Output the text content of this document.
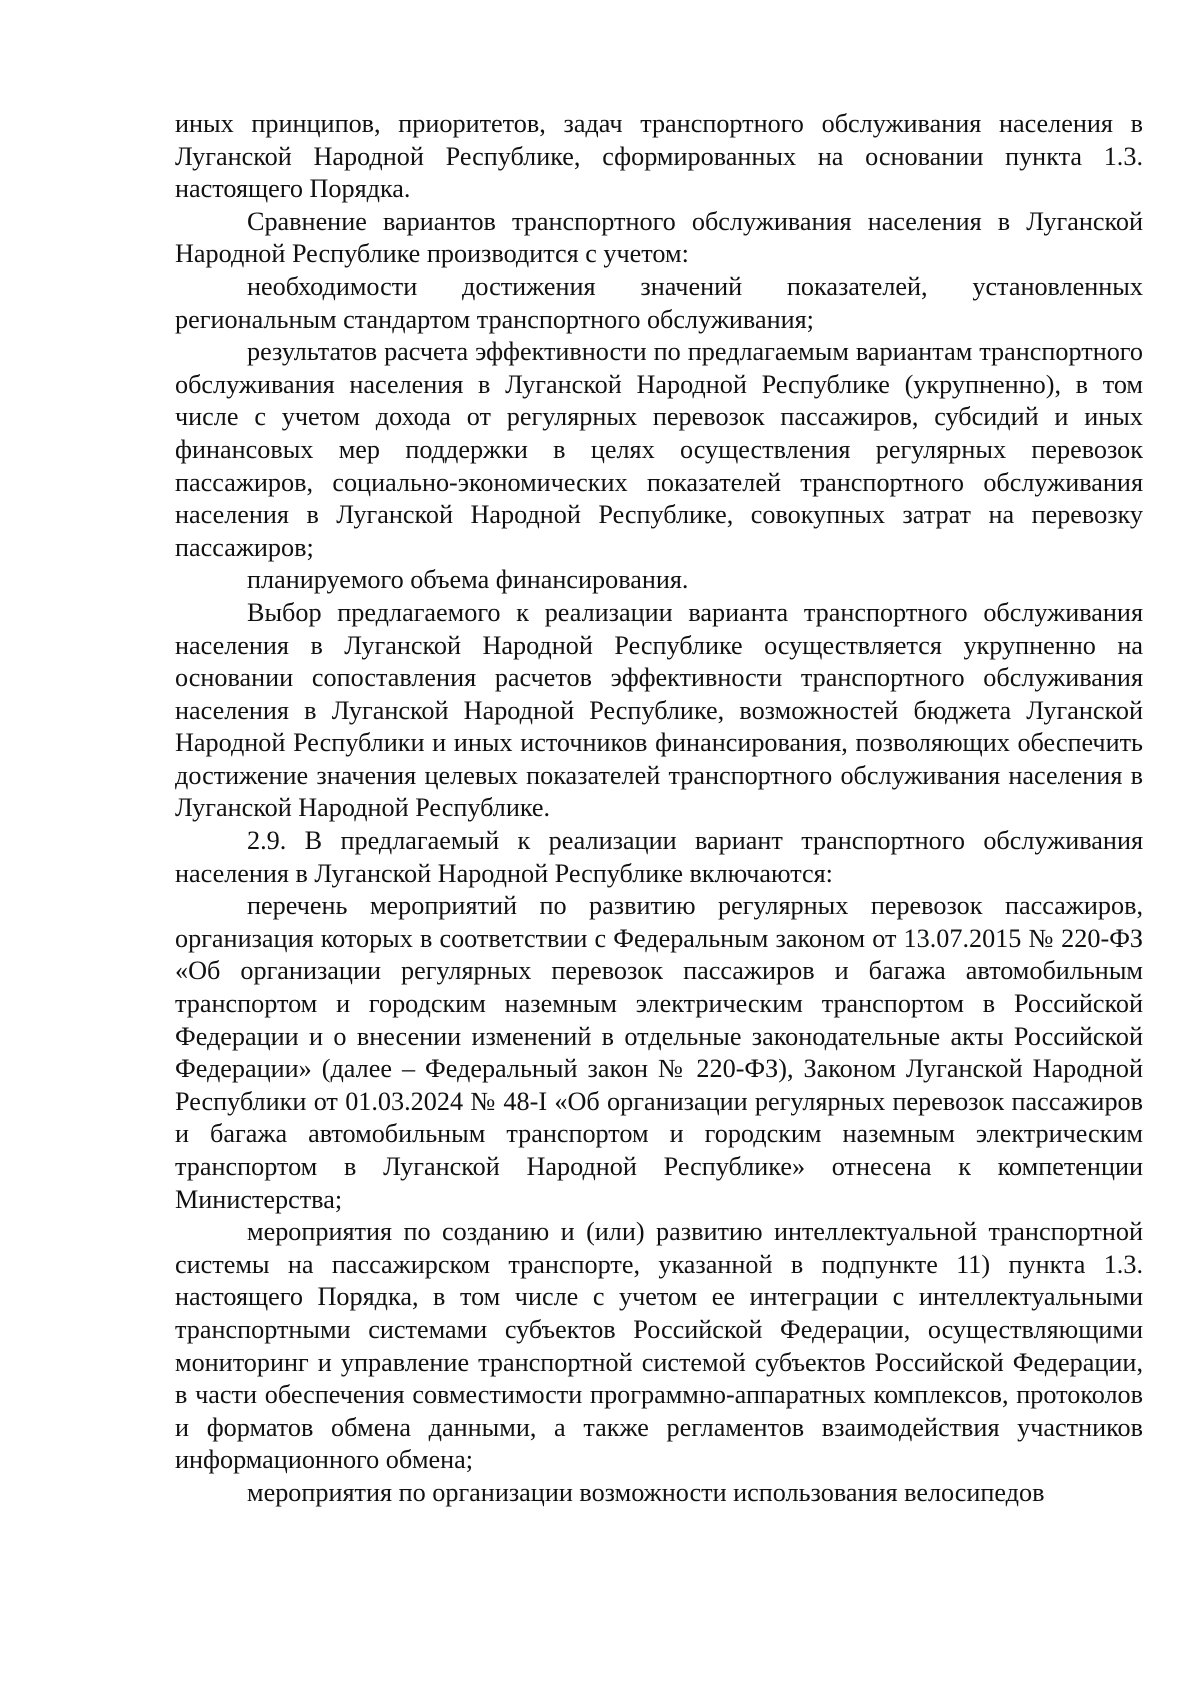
иных принципов, приоритетов, задач транспортного обслуживания населения в Луганской Народной Республике, сформированных на основании пункта 1.3. настоящего Порядка.

Сравнение вариантов транспортного обслуживания населения в Луганской Народной Республике производится с учетом:

необходимости достижения значений показателей, установленных региональным стандартом транспортного обслуживания;

результатов расчета эффективности по предлагаемым вариантам транспортного обслуживания населения в Луганской Народной Республике (укрупненно), в том числе с учетом дохода от регулярных перевозок пассажиров, субсидий и иных финансовых мер поддержки в целях осуществления регулярных перевозок пассажиров, социально-экономических показателей транспортного обслуживания населения в Луганской Народной Республике, совокупных затрат на перевозку пассажиров;

планируемого объема финансирования.

Выбор предлагаемого к реализации варианта транспортного обслуживания населения в Луганской Народной Республике осуществляется укрупненно на основании сопоставления расчетов эффективности транспортного обслуживания населения в Луганской Народной Республике, возможностей бюджета Луганской Народной Республики и иных источников финансирования, позволяющих обеспечить достижение значения целевых показателей транспортного обслуживания населения в Луганской Народной Республике.

2.9. В предлагаемый к реализации вариант транспортного обслуживания населения в Луганской Народной Республике включаются:

перечень мероприятий по развитию регулярных перевозок пассажиров, организация которых в соответствии с Федеральным законом от 13.07.2015 № 220-ФЗ «Об организации регулярных перевозок пассажиров и багажа автомобильным транспортом и городским наземным электрическим транспортом в Российской Федерации и о внесении изменений в отдельные законодательные акты Российской Федерации» (далее – Федеральный закон № 220-ФЗ), Законом Луганской Народной Республики от 01.03.2024 № 48-I «Об организации регулярных перевозок пассажиров и багажа автомобильным транспортом и городским наземным электрическим транспортом в Луганской Народной Республике» отнесена к компетенции Министерства;

мероприятия по созданию и (или) развитию интеллектуальной транспортной системы на пассажирском транспорте, указанной в подпункте 11) пункта 1.3. настоящего Порядка, в том числе с учетом ее интеграции с интеллектуальными транспортными системами субъектов Российской Федерации, осуществляющими мониторинг и управление транспортной системой субъектов Российской Федерации, в части обеспечения совместимости программно-аппаратных комплексов, протоколов и форматов обмена данными, а также регламентов взаимодействия участников информационного обмена;

мероприятия по организации возможности использования велосипедов
